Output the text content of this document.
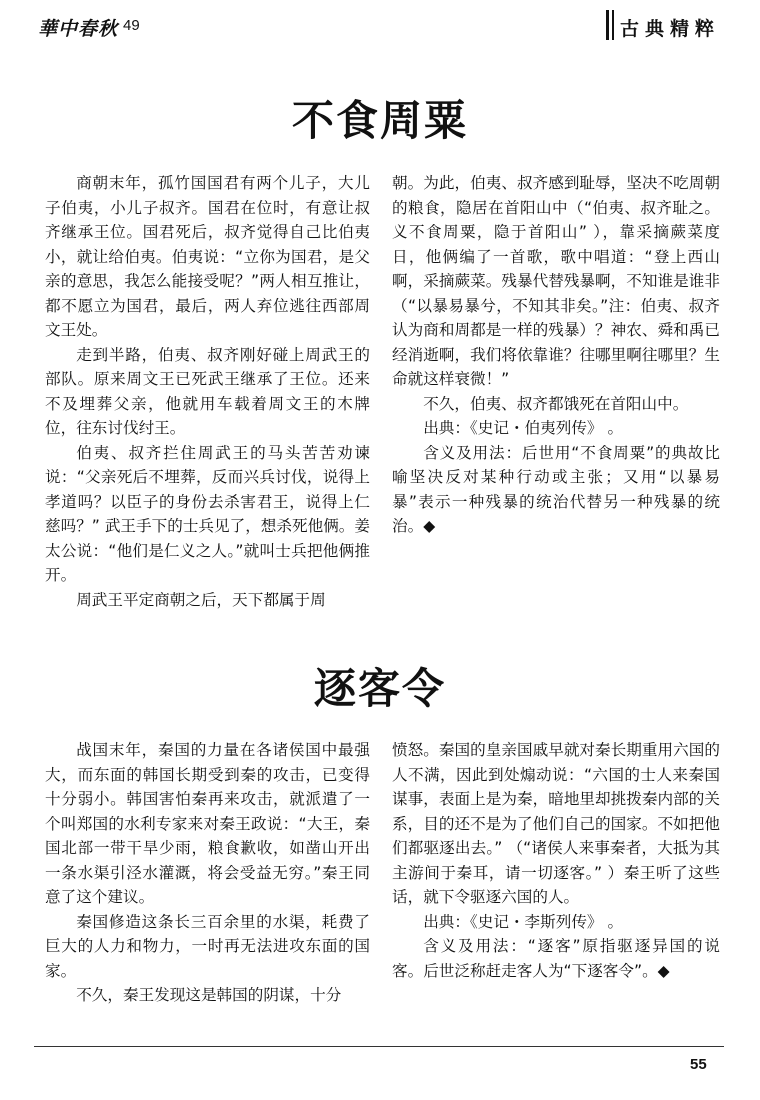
華中春秋 49	古典精粹
不食周粟

商朝末年，孤竹国国君有两个儿子，大儿子伯夷，小儿子叔齐。国君在位时，有意让叔齐继承王位。国君死后，叔齐觉得自己比伯夷小，就让给伯夷。伯夷说：“立你为国君，是父亲的意思，我怎么能接受呢？”两人相互推让，都不愿立为国君，最后，两人弃位逃往西部周文王处。

走到半路，伯夷、叔齐刚好碰上周武王的部队。原来周文王已死武王继承了王位。还来不及埋葬父亲，他就用车载着周文王的木牌位，往东讨伐纣王。

伯夷、叔齐拦住周武王的马头苦苦劝谏说：“父亲死后不埋葬，反而兴兵讨伐，说得上孝道吗？以臣子的身份去杀害君王，说得上仁慈吗？” 武王手下的士兵见了，想杀死他俩。姜太公说：“他们是仁义之人。”就叫士兵把他俩推开。

周武王平定商朝之后，天下都属于周

朝。为此，伯夷、叔齐感到耻辱，坚决不吃周朝的粮食，隐居在首阳山中（“伯夷、叔齐耻之。义不食周粟，隐于首阳山” ），靠采摘蕨菜度日，他俩编了一首歌，歌中唱道：“登上西山啊，采摘蕨菜。残暴代替残暴啊，不知谁是谁非（“以暴易暴兮，不知其非矣。”注：伯夷、叔齐认为商和周都是一样的残暴）？神农、舜和禹已经消逝啊，我们将依靠谁？往哪里啊往哪里？生命就这样衰微！”

不久，伯夷、叔齐都饿死在首阳山中。

出典：《史记・伯夷列传》 。

含义及用法：后世用“不食周粟”的典故比喻坚决反对某种行动或主张；又用“以暴易暴”表示一种残暴的统治代替另一种残暴的统治。◆

逐客令

战国末年，秦国的力量在各诸侯国中最强大，而东面的韩国长期受到秦的攻击，已变得十分弱小。韩国害怕秦再来攻击，就派遣了一个叫郑国的水利专家来对秦王政说：“大王，秦国北部一带干旱少雨，粮食歉收，如凿山开出一条水渠引泾水灌溉，将会受益无穷。”秦王同意了这个建议。

秦国修造这条长三百余里的水渠，耗费了巨大的人力和物力，一时再无法进攻东面的国家。

不久，秦王发现这是韩国的阴谋，十分

愤怒。秦国的皇亲国戚早就对秦长期重用六国的人不满，因此到处煽动说：“六国的士人来秦国谋事，表面上是为秦，暗地里却挑拨秦内部的关系，目的还不是为了他们自己的国家。不如把他们都驱逐出去。” （“诸侯人来事秦者，大抵为其主游间于秦耳，请一切逐客。” ）秦王听了这些话，就下令驱逐六国的人。

出典：《史记・李斯列传》 。

含义及用法：“逐客”原指驱逐异国的说客。后世泛称赶走客人为“下逐客令”。◆

55
